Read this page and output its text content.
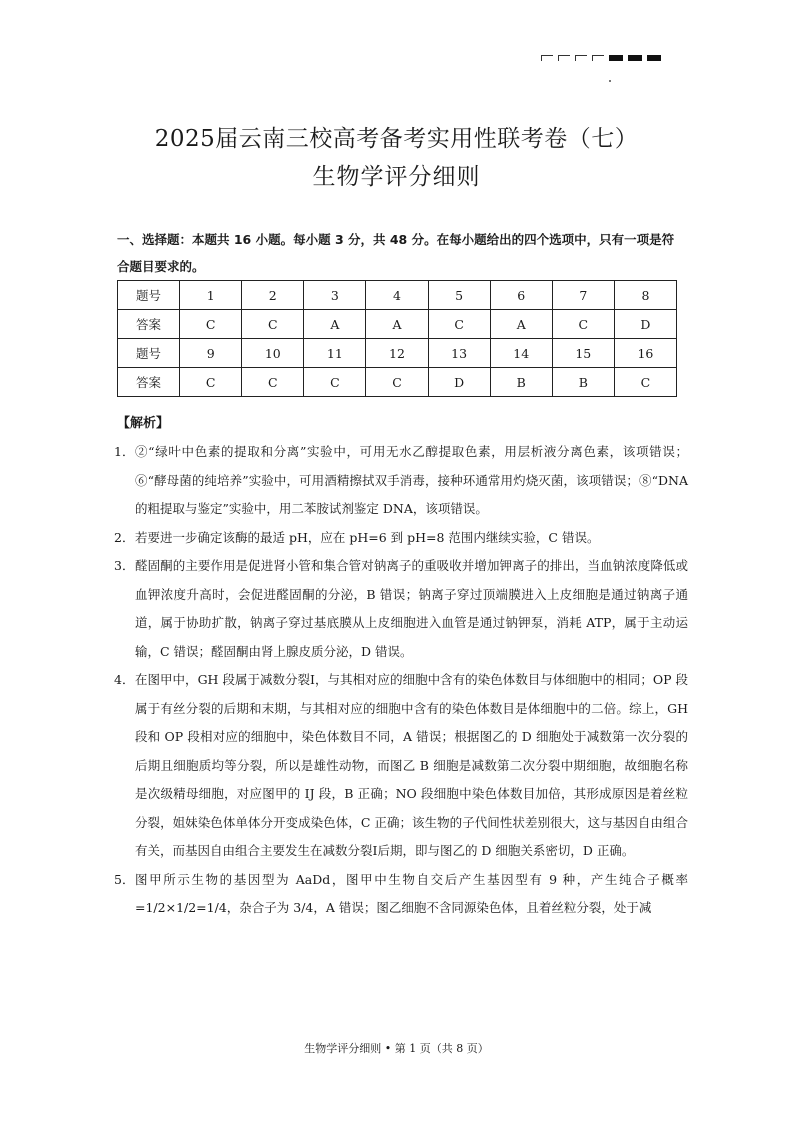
2025届云南三校高考备考实用性联考卷（七）
生物学评分细则
一、选择题：本题共 16 小题。每小题 3 分，共 48 分。在每小题给出的四个选项中，只有一项是符合题目要求的。
题号	1	2	3	4	5	6	7	8
答案	C	C	A	A	C	A	C	D
题号	9	10	11	12	13	14	15	16
答案	C	C	C	C	D	B	B	C
【解析】
1． ②“绿叶中色素的提取和分离”实验中，可用无水乙醇提取色素，用层析液分离色素，该项错误；⑥“酵母菌的纯培养”实验中，可用酒精擦拭双手消毒，接种环通常用灼烧灭菌，该项错误；⑧“DNA 的粗提取与鉴定”实验中，用二苯胺试剂鉴定 DNA，该项错误。
2． 若要进一步确定该酶的最适 pH，应在 pH=6 到 pH=8 范围内继续实验，C 错误。
3． 醛固酮的主要作用是促进肾小管和集合管对钠离子的重吸收并增加钾离子的排出，当血钠浓度降低或血钾浓度升高时，会促进醛固酮的分泌，B 错误；钠离子穿过顶端膜进入上皮细胞是通过钠离子通道，属于协助扩散，钠离子穿过基底膜从上皮细胞进入血管是通过钠钾泵，消耗 ATP，属于主动运输，C 错误；醛固酮由肾上腺皮质分泌，D 错误。
4． 在图甲中，GH 段属于减数分裂Ⅰ，与其相对应的细胞中含有的染色体数目与体细胞中的相同；OP 段属于有丝分裂的后期和末期，与其相对应的细胞中含有的染色体数目是体细胞中的二倍。综上，GH 段和 OP 段相对应的细胞中，染色体数目不同，A 错误；根据图乙的 D 细胞处于减数第一次分裂的后期且细胞质均等分裂，所以是雄性动物，而图乙 B 细胞是减数第二次分裂中期细胞，故细胞名称是次级精母细胞，对应图甲的 IJ 段，B 正确；NO 段细胞中染色体数目加倍，其形成原因是着丝粒分裂，姐妹染色体单体分开变成染色体，C 正确；该生物的子代间性状差别很大，这与基因自由组合有关，而基因自由组合主要发生在减数分裂Ⅰ后期，即与图乙的 D 细胞关系密切，D 正确。
5． 图甲所示生物的基因型为 AaDd，图甲中生物自交后产生基因型有 9 种，产生纯合子概率=1/2×1/2=1/4，杂合子为 3/4，A 错误；图乙细胞不含同源染色体，且着丝粒分裂，处于减
生物学评分细则 • 第 1 页（共 8 页）
